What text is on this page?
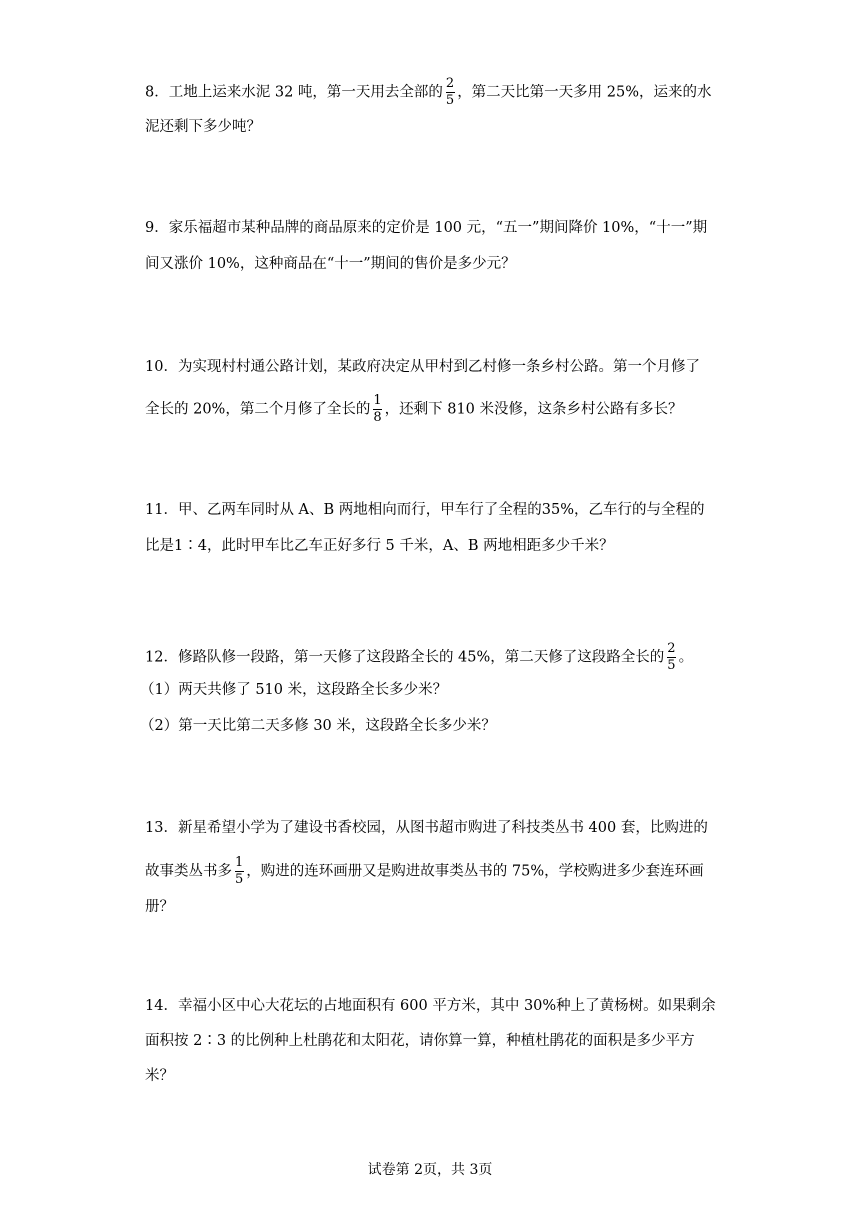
8．工地上运来水泥 32 吨，第一天用去全部的 $\frac{2}{5}$ ，第二天比第一天多用 25%，运来的水
泥还剩下多少吨？
9．家乐福超市某种品牌的商品原来的定价是 100 元，“五一”期间降价 10%，“十一”期
间又涨价 10%，这种商品在“十一”期间的售价是多少元？
10．为实现村村通公路计划，某政府决定从甲村到乙村修一条乡村公路。第一个月修了
全长的 20%，第二个月修了全长的 $\frac{1}{8}$ ，还剩下 810 米没修，这条乡村公路有多长？
11．甲、乙两车同时从 A、B 两地相向而行，甲车行了全程的35%，乙车行的与全程的
比是1∶4，此时甲车比乙车正好多行 5 千米，A、B 两地相距多少千米？
12．修路队修一段路，第一天修了这段路全长的 45%，第二天修了这段路全长的 $\frac{2}{5}$ 。
（1）两天共修了 510 米，这段路全长多少米？
（2）第一天比第二天多修 30 米，这段路全长多少米？
13．新星希望小学为了建设书香校园，从图书超市购进了科技类丛书 400 套，比购进的
故事类丛书多 $\frac{1}{5}$ ，购进的连环画册又是购进故事类丛书的 75%，学校购进多少套连环画
册？
14．幸福小区中心大花坛的占地面积有 600 平方米，其中 30%种上了黄杨树。如果剩余
面积按 2∶3 的比例种上杜鹃花和太阳花，请你算一算，种植杜鹃花的面积是多少平方
米？
试卷第 2页，共 3页
